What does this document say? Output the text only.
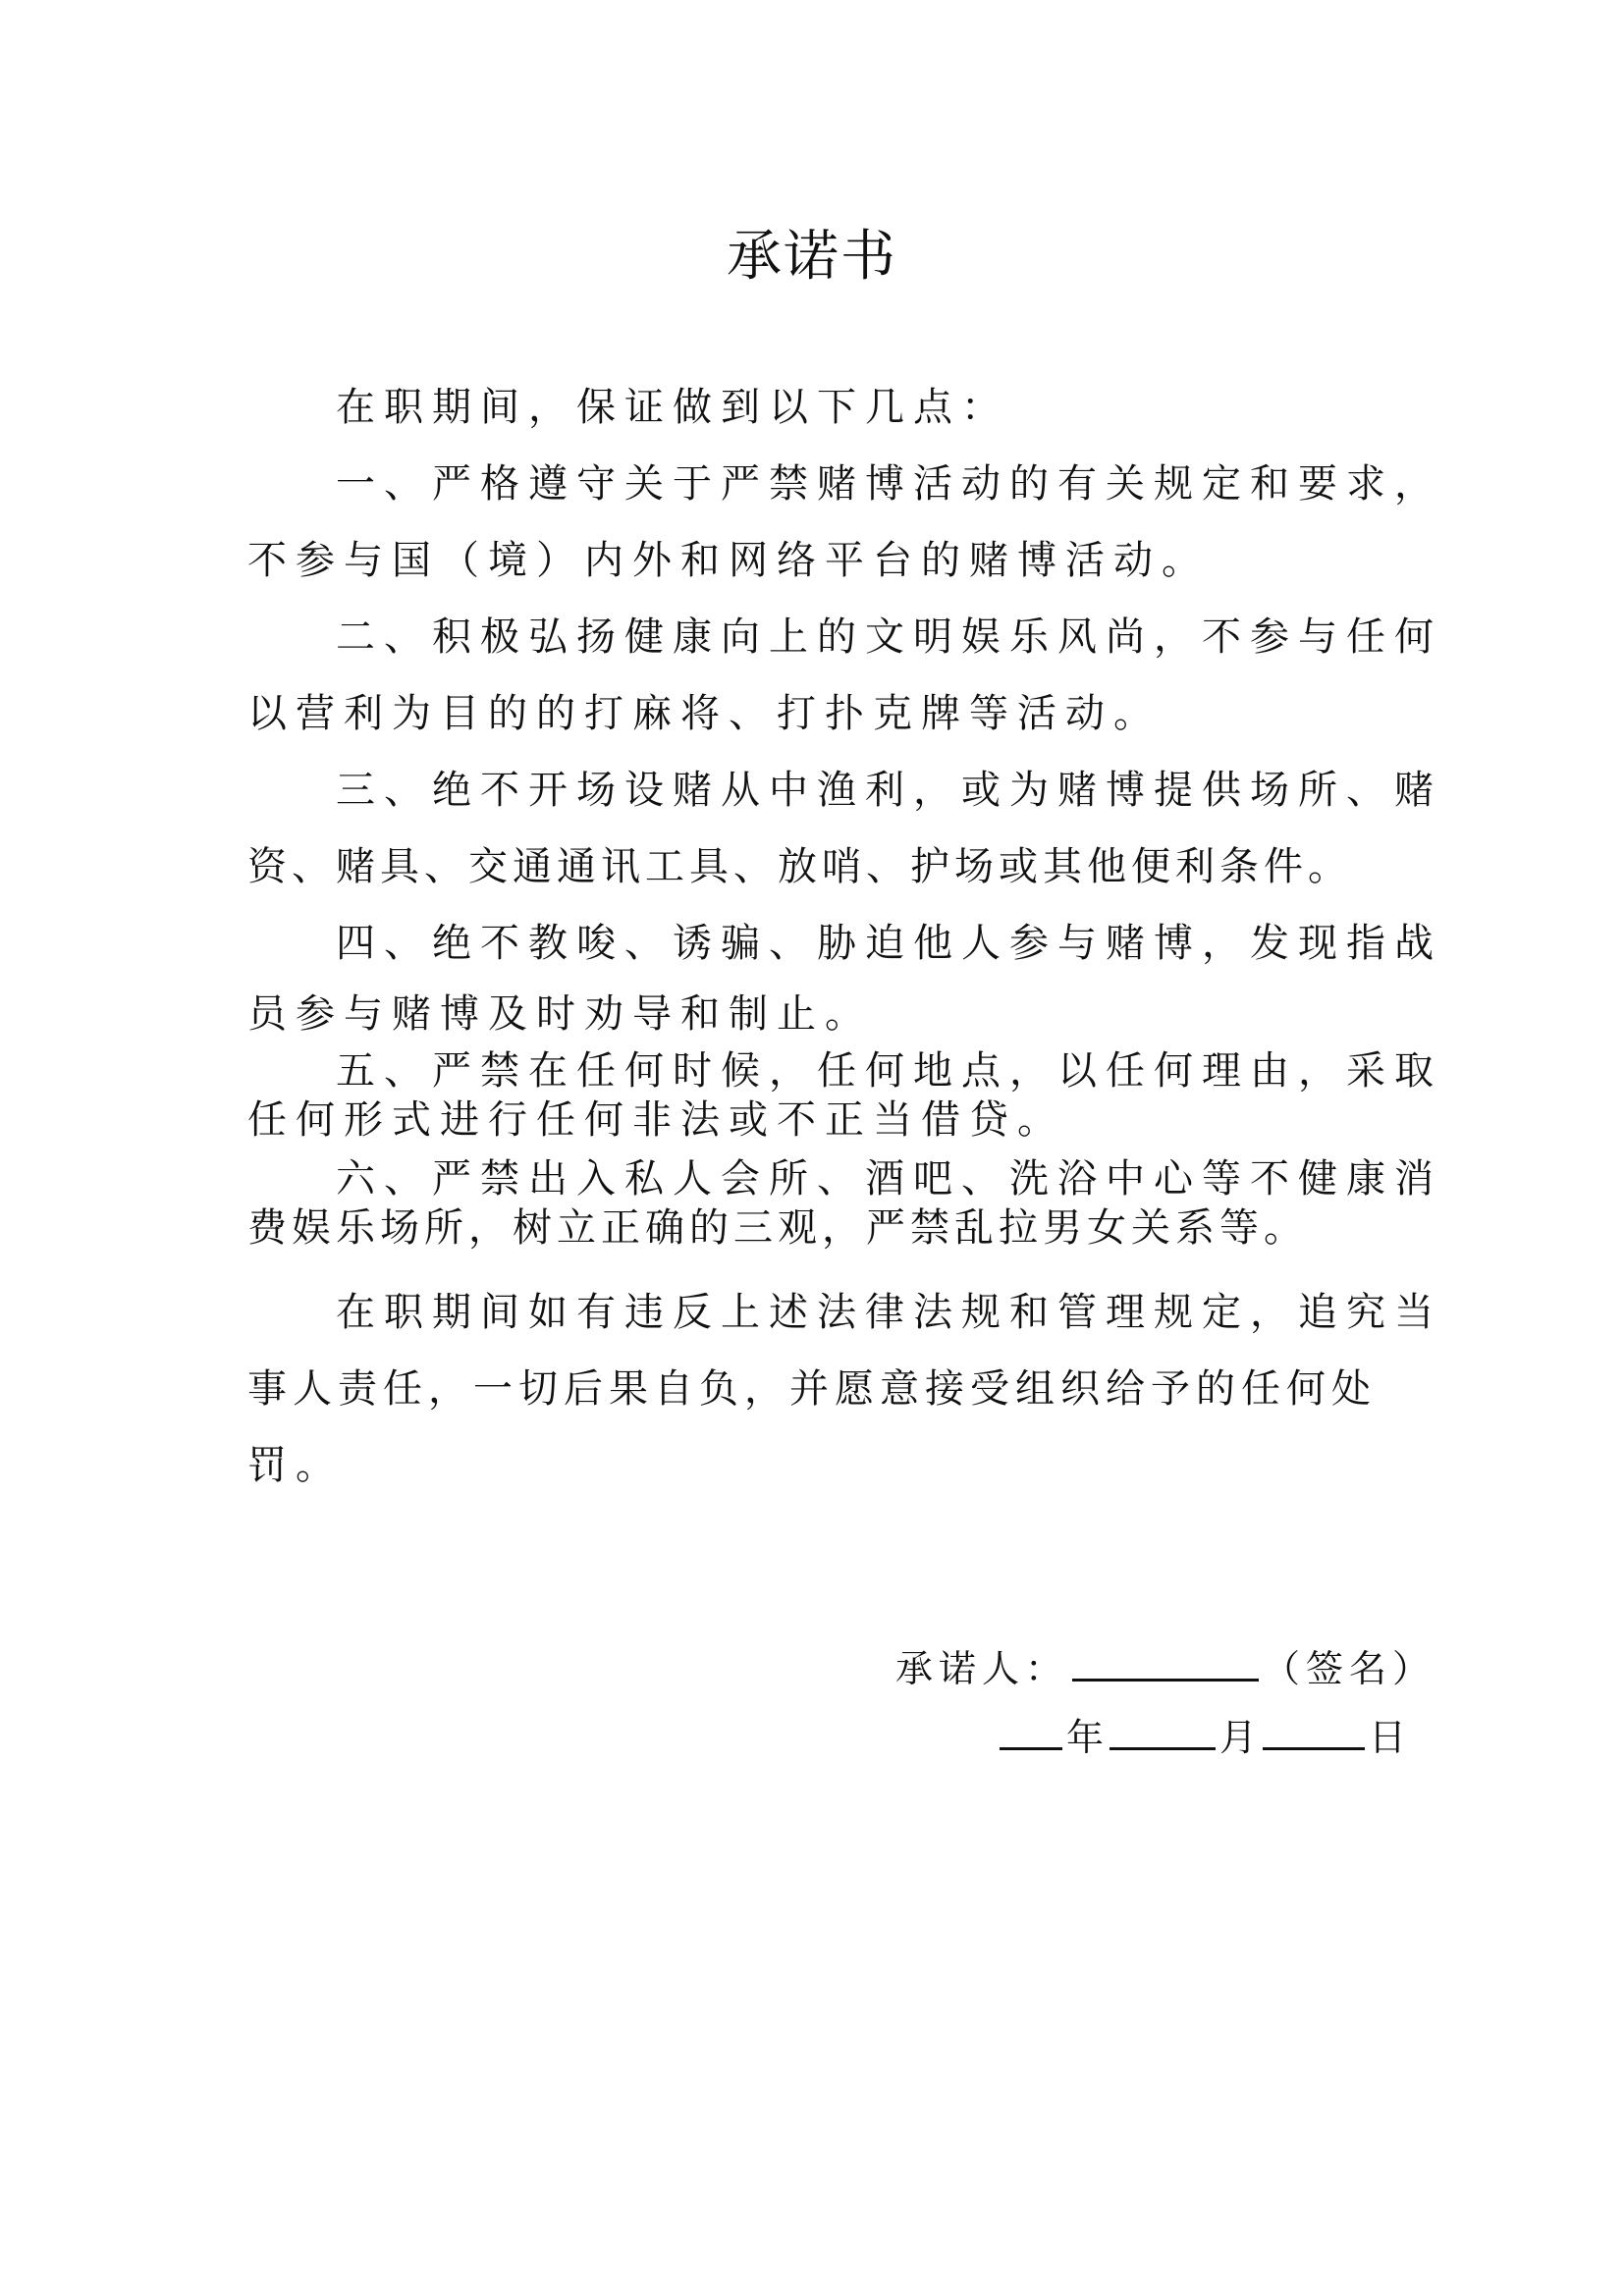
承诺书
在职期间，保证做到以下几点：
一、严格遵守关于严禁赌博活动的有关规定和要求，
不参与国（境）内外和网络平台的赌博活动。
二、积极弘扬健康向上的文明娱乐风尚，不参与任何
以营利为目的的打麻将、打扑克牌等活动。
三、绝不开场设赌从中渔利，或为赌博提供场所、赌
资、赌具、交通通讯工具、放哨、护场或其他便利条件。
四、绝不教唆、诱骗、胁迫他人参与赌博，发现指战
员参与赌博及时劝导和制止。
五、严禁在任何时候，任何地点，以任何理由，采取
任何形式进行任何非法或不正当借贷。
六、严禁出入私人会所、酒吧、洗浴中心等不健康消
费娱乐场所，树立正确的三观，严禁乱拉男女关系等。
在职期间如有违反上述法律法规和管理规定，追究当
事人责任，一切后果自负，并愿意接受组织给予的任何处
罚。
承诺人：	（签名）
年	月	日
